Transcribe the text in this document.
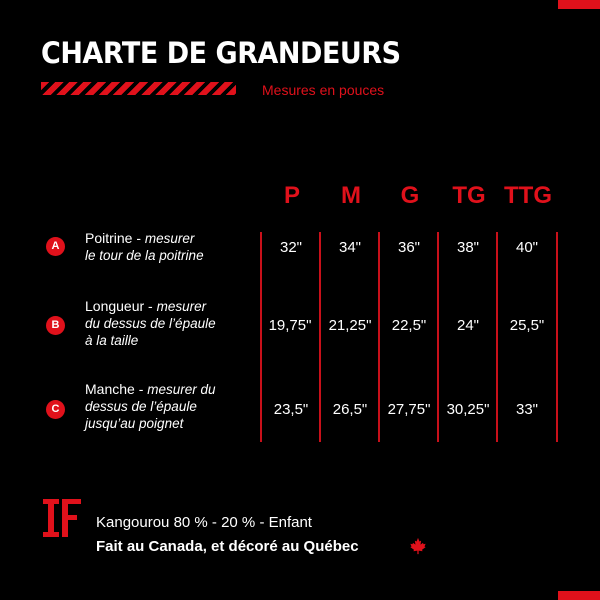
CHARTE DE GRANDEURS
Mesures en pouces
P	M	G	TG TTG
A	Poitrine - mesurer
le tour de la poitrine	32"	34"	36"	38"	40"
B
Longueur - mesurer
du dessus de l’épaule
à la taille
19,75"	21,25"	22,5"	24"	25,5"
C
Manche - mesurer du
dessus de l’épaule
jusqu’au poignet
23,5"	26,5"	27,75"	30,25"	33"
Kangourou 80 % - 20 % - Enfant
Fait au Canada, et décoré au Québec
